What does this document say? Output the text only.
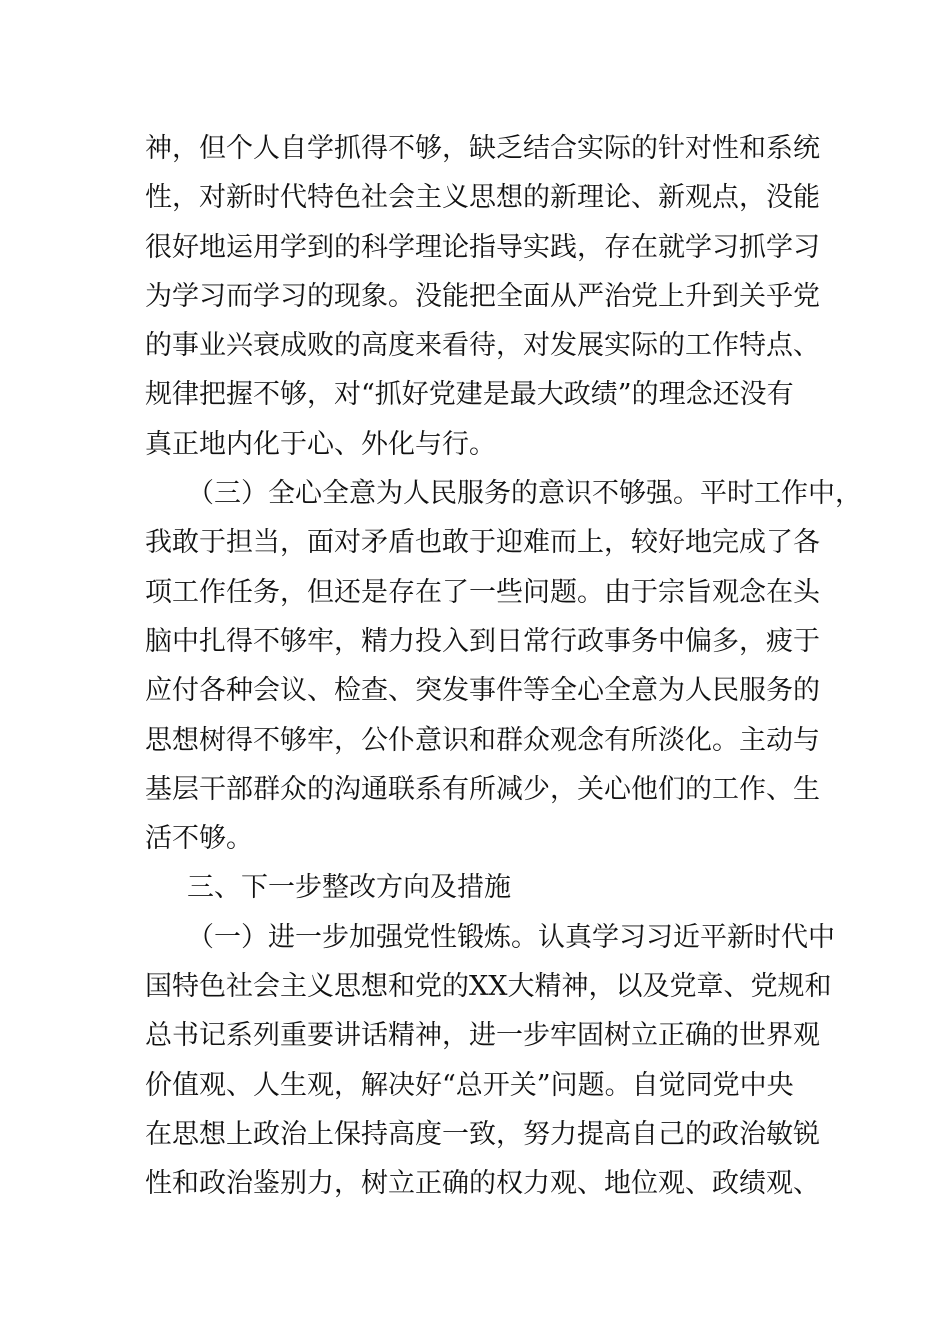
神，但个人自学抓得不够，缺乏结合实际的针对性和系统
性，对新时代特色社会主义思想的新理论、新观点，没能
很好地运用学到的科学理论指导实践，存在就学习抓学习
为学习而学习的现象。没能把全面从严治党上升到关乎党
的事业兴衰成败的高度来看待，对发展实际的工作特点、
规律把握不够，对“抓好党建是最大政绩”的理念还没有
真正地内化于心、外化与行。
（三）全心全意为人民服务的意识不够强。平时工作中，
我敢于担当，面对矛盾也敢于迎难而上，较好地完成了各
项工作任务，但还是存在了一些问题。由于宗旨观念在头
脑中扎得不够牢，精力投入到日常行政事务中偏多，疲于
应付各种会议、检查、突发事件等全心全意为人民服务的
思想树得不够牢，公仆意识和群众观念有所淡化。主动与
基层干部群众的沟通联系有所减少，关心他们的工作、生
活不够。
三、下一步整改方向及措施
（一）进一步加强党性锻炼。认真学习习近平新时代中
国特色社会主义思想和党的XX大精神，以及党章、党规和
总书记系列重要讲话精神，进一步牢固树立正确的世界观
价值观、人生观，解决好“总开关”问题。自觉同党中央
在思想上政治上保持高度一致，努力提高自己的政治敏锐
性和政治鉴别力，树立正确的权力观、地位观、政绩观、
